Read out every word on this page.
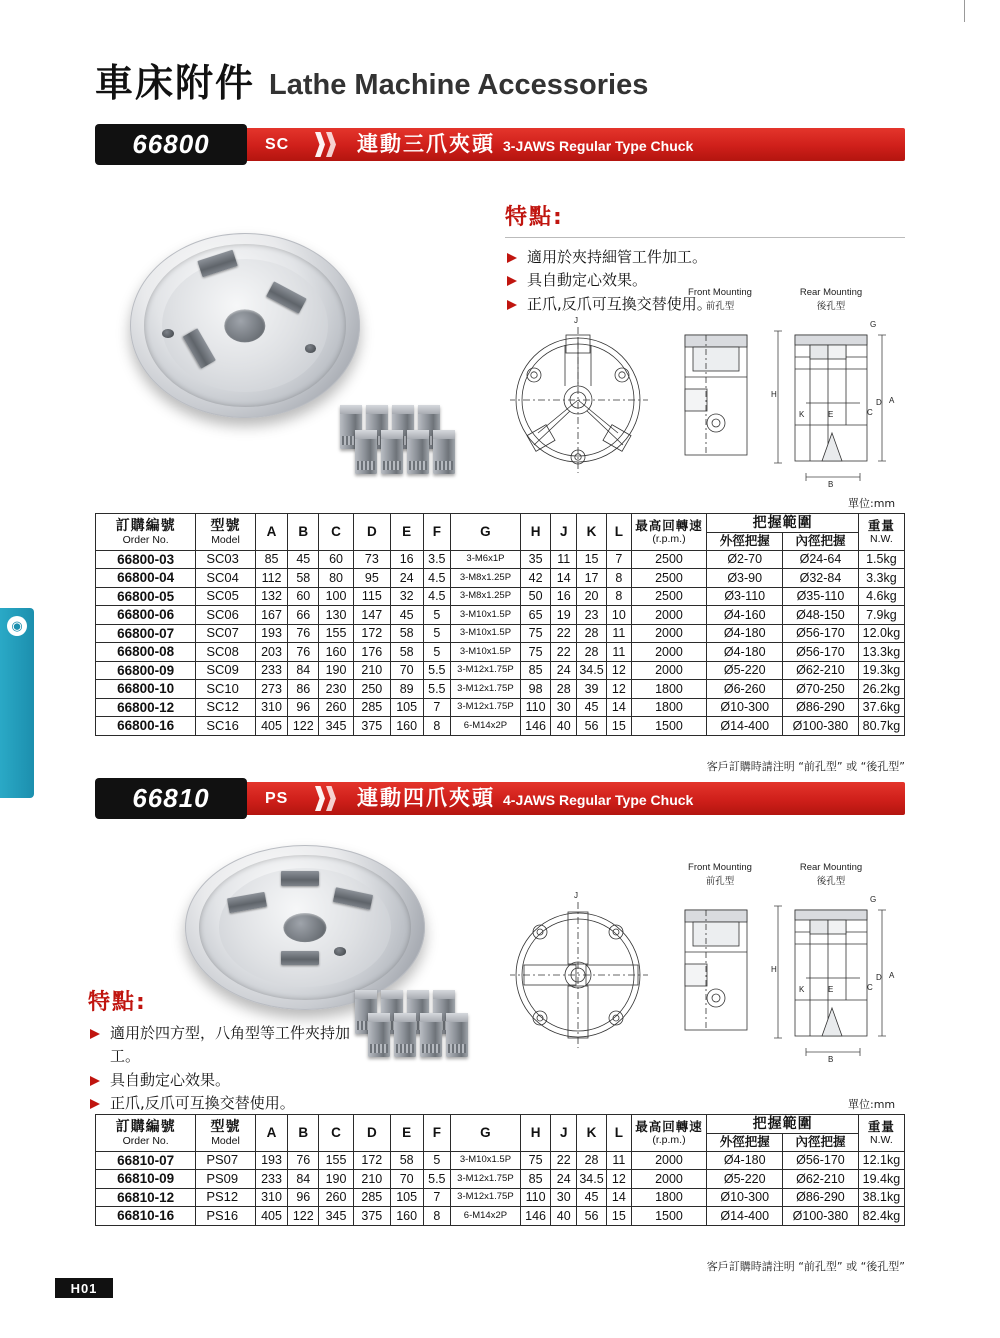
車床附件 Lathe Machine Accessories
66800	SC	連動三爪夾頭 3-JAWS Regular Type Chuck
特點:
適用於夾持細管工件加工。
具自動定心效果。
正爪,反爪可互換交替使用。
J	G
H
K	E	C
D A
B
Front Mounting
前孔型
Rear Mounting
後孔型
單位:mm
訂購編號
Order No.

型號
Model
	A	B	C	D	E	F	G	H	J	K	L	最高回轉速
(r.p.m.)
	把握範圍	重量
N.W.

														外徑把握	內徑把握	
66800-03	SC03	85	45	60	73	16	3.5	3-M6x1P	35	11	15	7	2500	Ø2-70	Ø24-64	1.5kg
66800-04	SC04	112	58	80	95	24	4.5	3-M8x1.25P	42	14	17	8	2500	Ø3-90	Ø32-84	3.3kg
66800-05	SC05	132	60	100	115	32	4.5	3-M8x1.25P	50	16	20	8	2500	Ø3-110	Ø35-110	4.6kg
66800-06	SC06	167	66	130	147	45	5	3-M10x1.5P	65	19	23	10	2000	Ø4-160	Ø48-150	7.9kg
66800-07	SC07	193	76	155	172	58	5	3-M10x1.5P	75	22	28	11	2000	Ø4-180	Ø56-170	12.0kg
66800-08	SC08	203	76	160	176	58	5	3-M10x1.5P	75	22	28	11	2000	Ø4-180	Ø56-170	13.3kg
66800-09	SC09	233	84	190	210	70	5.5	3-M12x1.75P	85	24	34.5	12	2000	Ø5-220	Ø62-210	19.3kg
66800-10	SC10	273	86	230	250	89	5.5	3-M12x1.75P	98	28	39	12	1800	Ø6-260	Ø70-250	26.2kg
66800-12	SC12	310	96	260	285	105	7	3-M12x1.75P	110	30	45	14	1800	Ø10-300	Ø86-290	37.6kg
66800-16	SC16	405	122	345	375	160	8	6-M14x2P	146	40	56	15	1500	Ø14-400	Ø100-380	80.7kg
客戶訂購時請注明 “前孔型” 或 “後孔型”
66810	PS	連動四爪夾頭 4-JAWS Regular Type Chuck
J	G
H
K	E	C
D A
B
Front Mounting
前孔型
Rear Mounting
後孔型
特點:
適用於四方型，八角型等工件夾持加工。
具自動定心效果。
正爪,反爪可互換交替使用。	單位:mm
訂購編號
Order No.

型號
Model
	A	B	C	D	E	F	G	H	J	K	L	最高回轉速
(r.p.m.)
	把握範圍	重量
N.W.

														外徑把握	內徑把握	
66810-07	PS07	193	76	155	172	58	5	3-M10x1.5P	75	22	28	11	2000	Ø4-180	Ø56-170	12.1kg
66810-09	PS09	233	84	190	210	70	5.5	3-M12x1.75P	85	24	34.5	12	2000	Ø5-220	Ø62-210	19.4kg
66810-12	PS12	310	96	260	285	105	7	3-M12x1.75P	110	30	45	14	1800	Ø10-300	Ø86-290	38.1kg
66810-16	PS16	405	122	345	375	160	8	6-M14x2P	146	40	56	15	1500	Ø14-400	Ø100-380	82.4kg
客戶訂購時請注明 “前孔型” 或 “後孔型”
◉
H01
